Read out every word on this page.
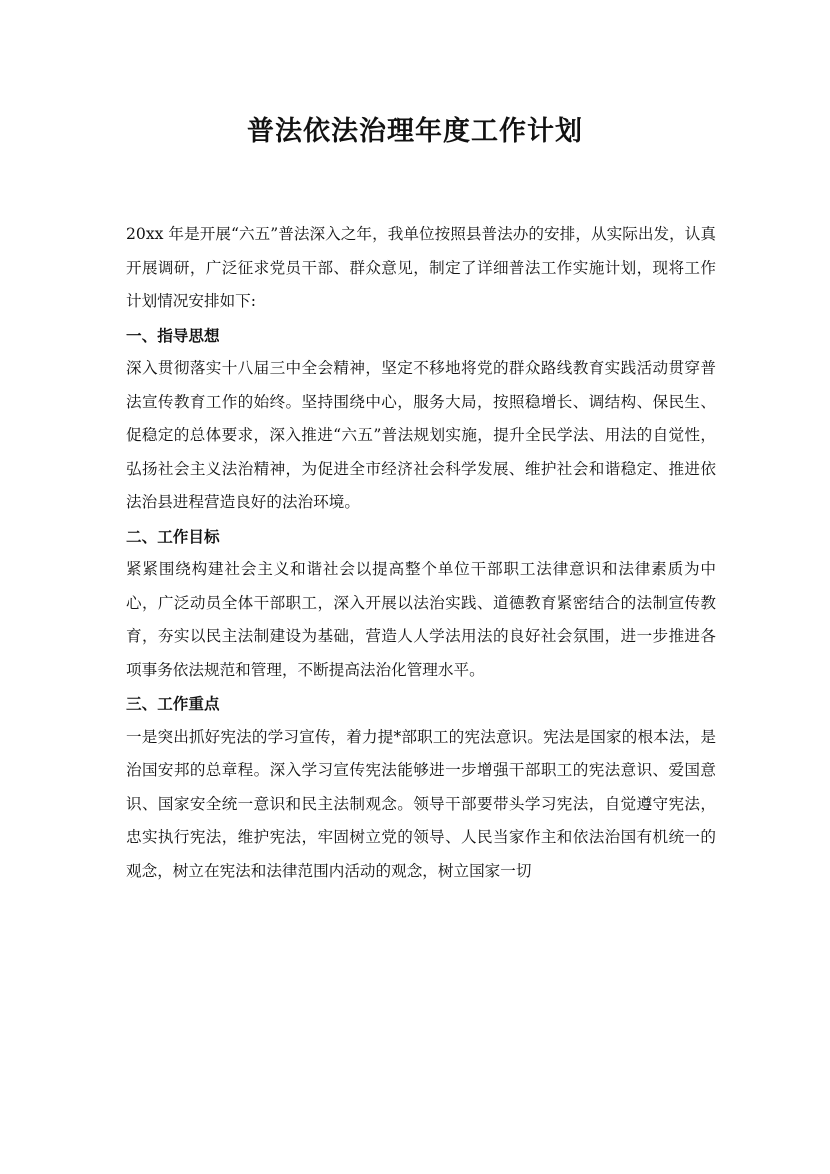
普法依法治理年度工作计划

20xx 年是开展“六五”普法深入之年，我单位按照县普法办的安排，从实际出发，认真开展调研，广泛征求党员干部、群众意见，制定了详细普法工作实施计划，现将工作计划情况安排如下:

一、指导思想

深入贯彻落实十八届三中全会精神，坚定不移地将党的群众路线教育实践活动贯穿普法宣传教育工作的始终。坚持围绕中心，服务大局，按照稳增长、调结构、保民生、促稳定的总体要求，深入推进“六五”普法规划实施，提升全民学法、用法的自觉性，弘扬社会主义法治精神，为促进全市经济社会科学发展、维护社会和谐稳定、推进依法治县进程营造良好的法治环境。

二、工作目标

紧紧围绕构建社会主义和谐社会以提高整个单位干部职工法律意识和法律素质为中心，广泛动员全体干部职工，深入开展以法治实践、道德教育紧密结合的法制宣传教育，夯实以民主法制建设为基础，营造人人学法用法的良好社会氛围，进一步推进各项事务依法规范和管理，不断提高法治化管理水平。

三、工作重点

一是突出抓好宪法的学习宣传，着力提*部职工的宪法意识。宪法是国家的根本法，是治国安邦的总章程。深入学习宣传宪法能够进一步增强干部职工的宪法意识、爱国意识、国家安全统一意识和民主法制观念。领导干部要带头学习宪法，自觉遵守宪法，忠实执行宪法，维护宪法，牢固树立党的领导、人民当家作主和依法治国有机统一的观念，树立在宪法和法律范围内活动的观念，树立国家一切
